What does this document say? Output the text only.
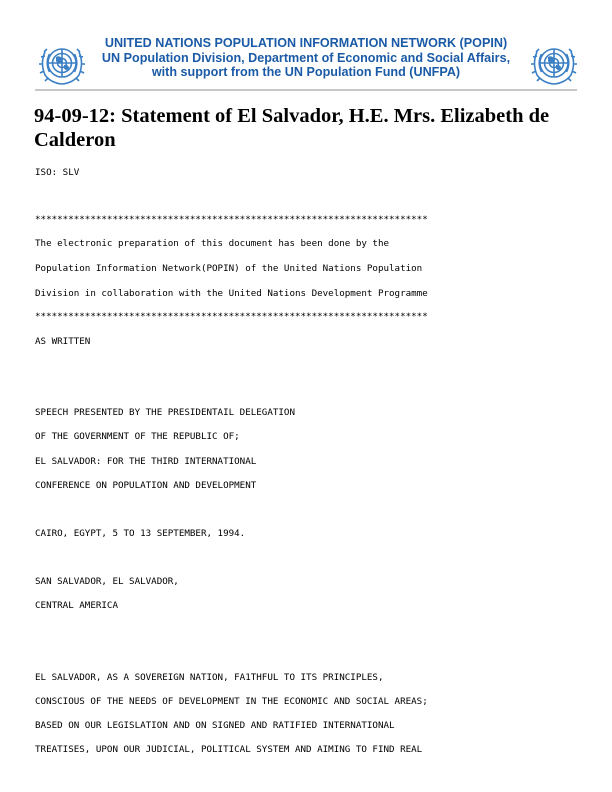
UNITED NATIONS POPULATION INFORMATION NETWORK (POPIN)
UN Population Division, Department of Economic and Social Affairs,
with support from the UN Population Fund (UNFPA)
94-09-12: Statement of El Salvador, H.E. Mrs. Elizabeth de Calderon
ISO: SLV
***********************************************************************
The electronic preparation of this document has been done by the
Population Information Network(POPIN) of the United Nations Population
Division in collaboration with the United Nations Development Programme
***********************************************************************
AS WRITTEN
SPEECH PRESENTED BY THE PRESIDENTAIL DELEGATION
OF THE GOVERNMENT OF THE REPUBLIC OF;
EL SALVADOR: FOR THE THIRD INTERNATIONAL
CONFERENCE ON POPULATION AND DEVELOPMENT
CAIRO, EGYPT, 5 TO 13 SEPTEMBER, 1994.
SAN SALVADOR, EL SALVADOR,
CENTRAL AMERICA
EL SALVADOR, AS A SOVEREIGN NATION, FA1THFUL TO ITS PRINCIPLES,
CONSCIOUS OF THE NEEDS OF DEVELOPMENT IN THE ECONOMIC AND SOCIAL AREAS;
BASED ON OUR LEGISLATION AND ON SIGNED AND RATIFIED INTERNATIONAL
TREATISES, UPON OUR JUDICIAL, POLITICAL SYSTEM AND AIMING TO FIND REAL
